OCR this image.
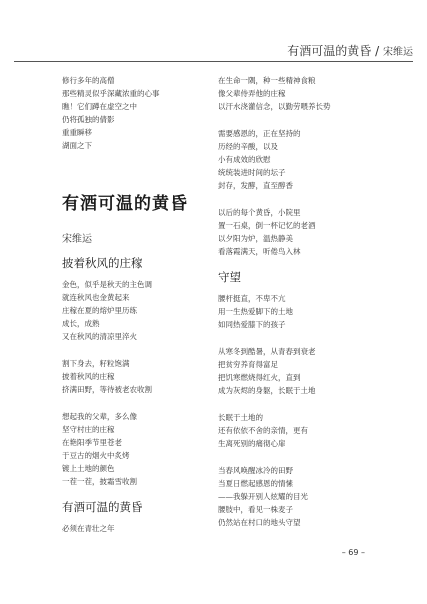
有酒可温的黄昏 / 宋维运
修行多年的高僧
那些精灵似乎深藏浓重的心事
瞧！它们蹲在虚空之中
仍将孤独的倩影
重重瞬移
湖面之下
有酒可温的黄昏
宋维运
披着秋风的庄稼
金色，似乎是秋天的主色调
就连秋风也金黄起来
庄稼在夏的熔炉里历练
成长，成熟
又在秋风的清凉里淬火
割下身去，籽粒饱满
披着秋风的庄稼
挤满田野，等待被老农收割
想起我的父辈，多么像
坚守村庄的庄稼
在艳阳季节里苍老
于豆古的烟火中炙烤
镀上土地的颜色
一茬一茬，披霜雪收割
有酒可温的黄昏
必须在青壮之年
在生命一隅，种一些精神食粮
像父辈侍弄他的庄稼
以汗水浇灌信念，以勤劳喂养长势
需要感恩的，正在坚持的
历经的辛酸，以及
小有成效的欣慰
统统装进时间的坛子
封存，发酵，直至醇香
以后的每个黄昏，小院里
置一石桌，倒一杯记忆的老酒
以夕阳为炉，温热静美
看落霞满天，听倦鸟入林
守望
腰杆挺直，不卑不亢
用一生热爱脚下的土地
如同热爱膝下的孩子
从寒冬到酷暑，从青春到衰老
把贫穷养育得富足
把饥寒燃烧得红火，直到
成为灰烬的身躯，长眠于土地
长眠于土地的
还有依依不舍的亲情，更有
生离死别的痛彻心扉
当春风唤醒冰冷的田野
当夏日燃起感恩的情愫
——我躲开别人炫耀的目光
腰肢中，看见一株麦子
仍然站在村口的地头守望
– 69 –
